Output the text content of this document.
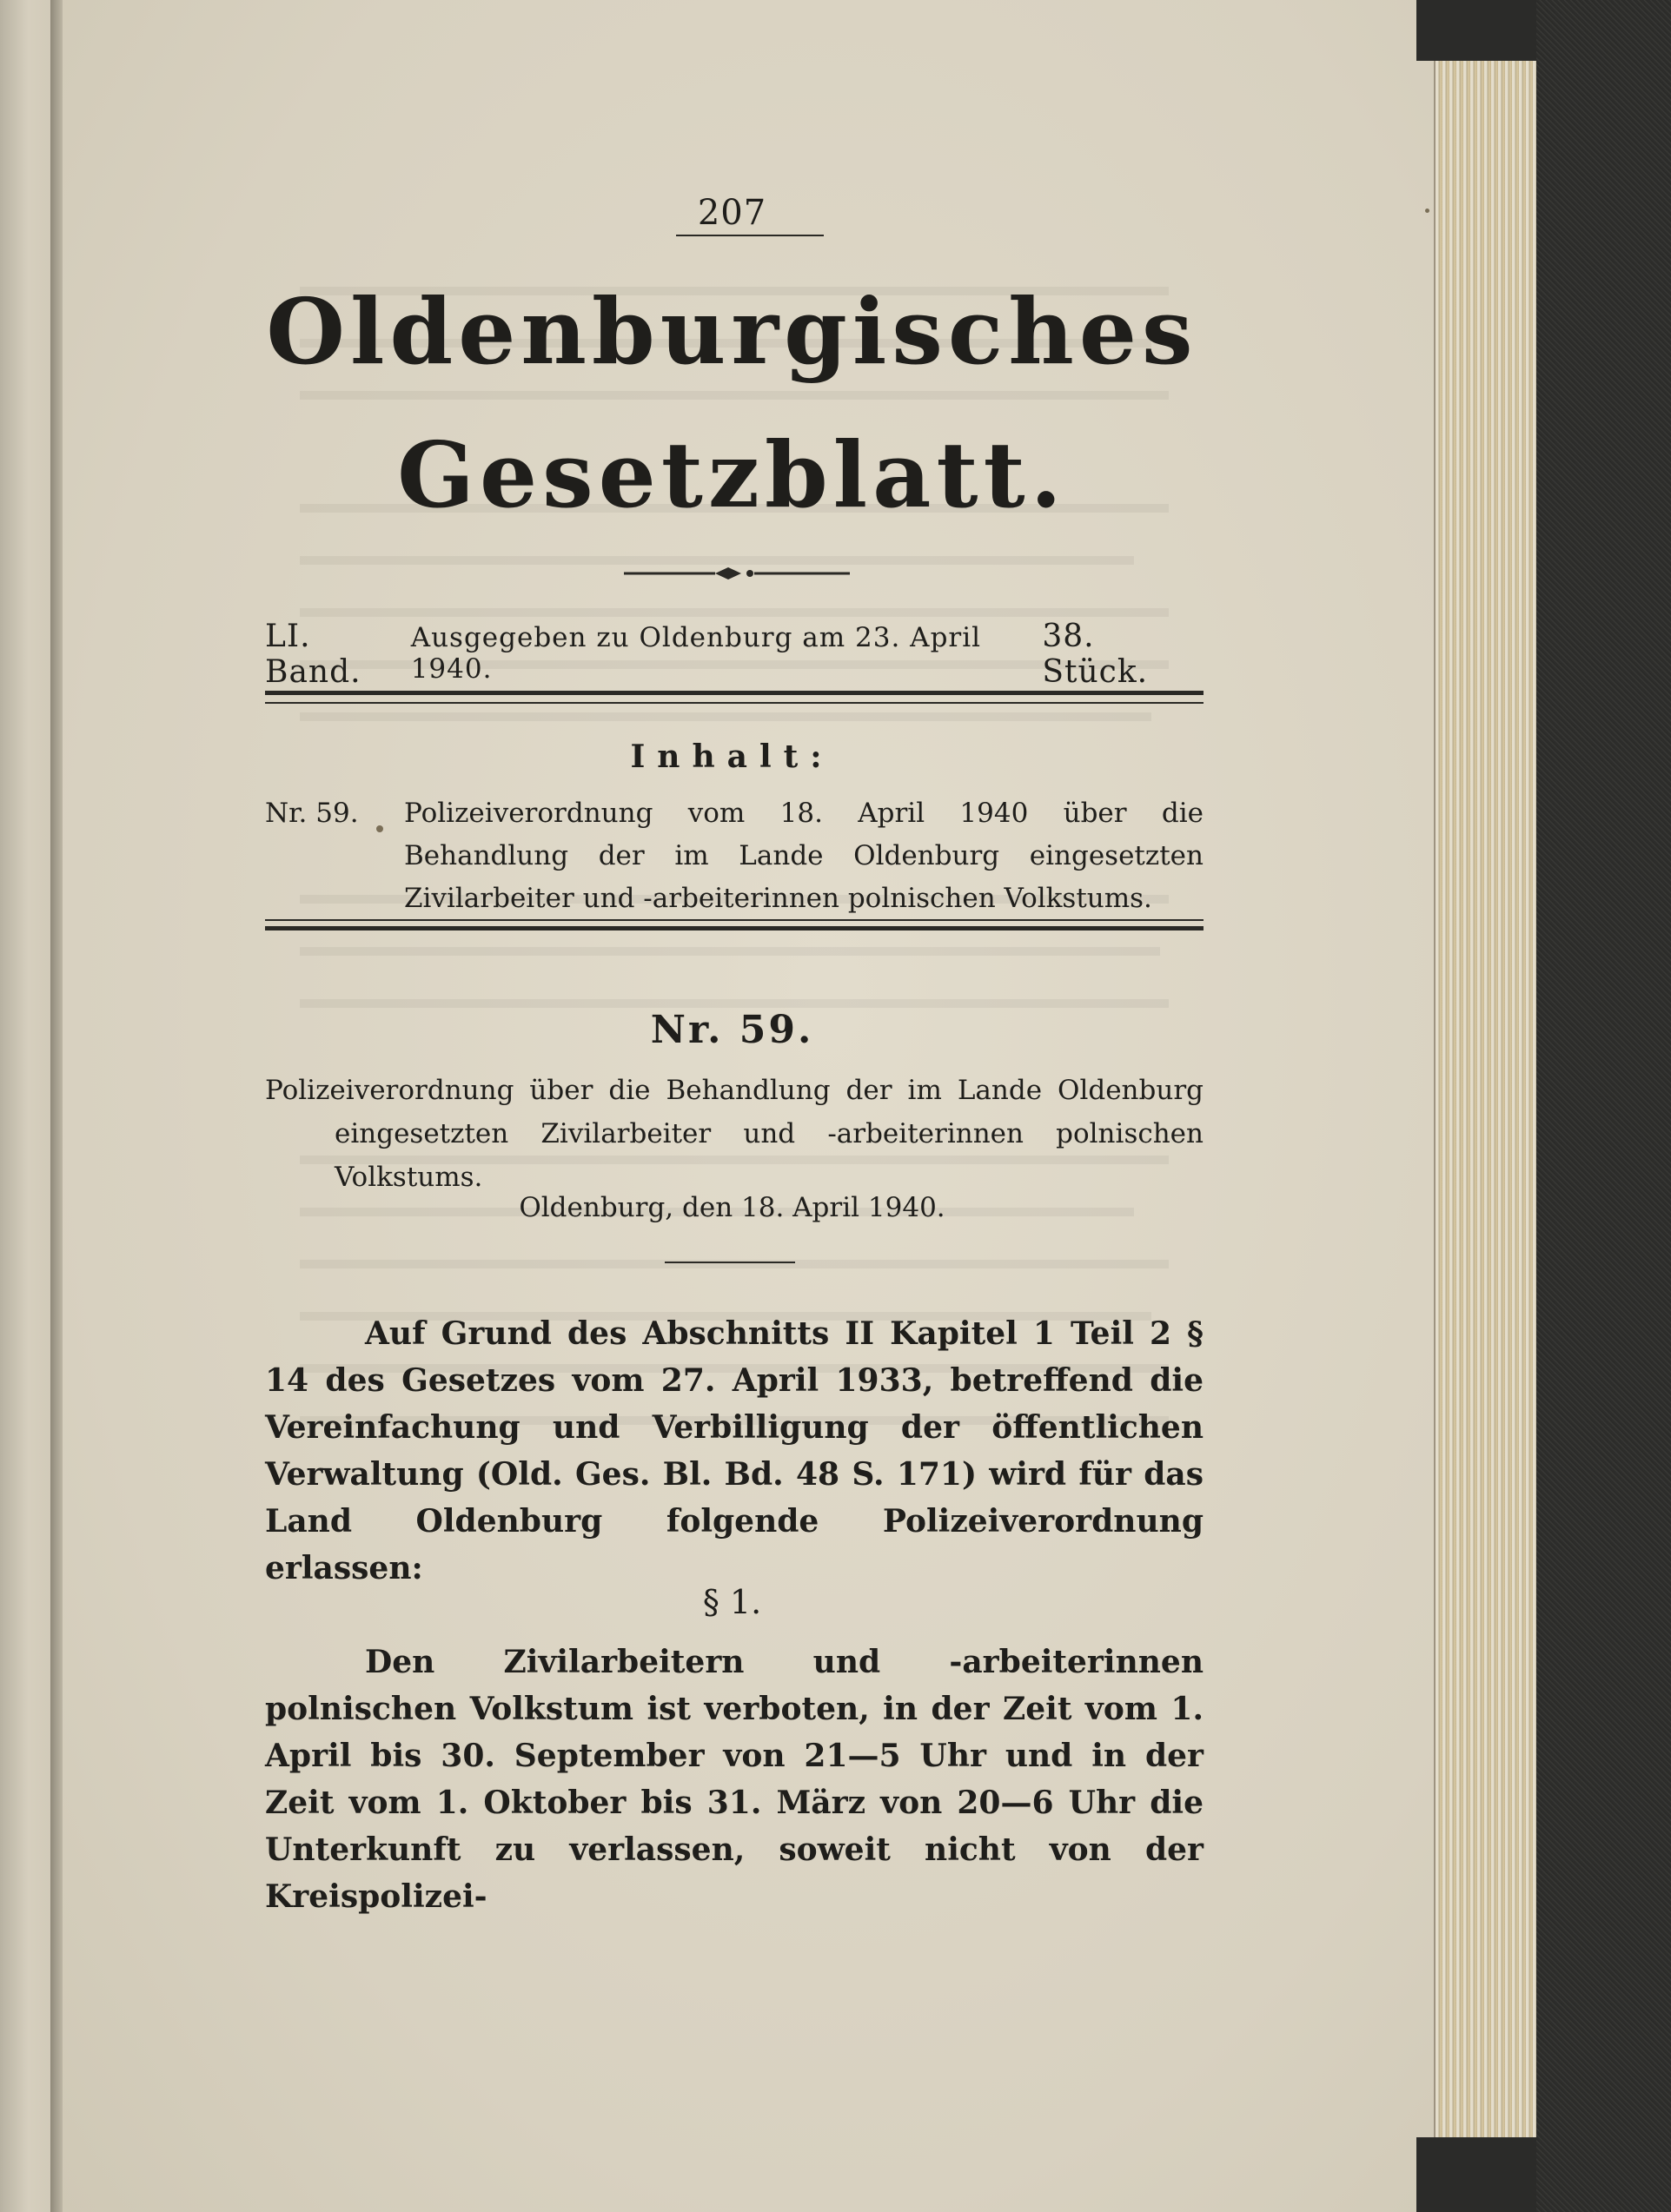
207
Oldenburgisches
Gesetzblatt.
LI. Band.
Ausgegeben zu Oldenburg am 23. April 1940.
38. Stück.
Inhalt:
Nr. 59. Polizeiverordnung vom 18. April 1940 über die Behandlung der im Lande Oldenburg eingesetzten Zivilarbeiter und -arbeiterinnen polnischen Volkstums.
Nr. 59.
Polizeiverordnung über die Behandlung der im Lande Oldenburg eingesetzten Zivilarbeiter und -arbeiterinnen polnischen Volkstums.
Oldenburg, den 18. April 1940.
Auf Grund des Abschnitts II Kapitel 1 Teil 2 § 14 des Gesetzes vom 27. April 1933, betreffend die Vereinfachung und Verbilligung der öffentlichen Verwaltung (Old. Ges. Bl. Bd. 48 S. 171) wird für das Land Oldenburg folgende Polizeiverordnung erlassen:
§ 1.
Den Zivilarbeitern und -arbeiterinnen polnischen Volkstum ist verboten, in der Zeit vom 1. April bis 30. September von 21—5 Uhr und in der Zeit vom 1. Oktober bis 31. März von 20—6 Uhr die Unterkunft zu verlassen, soweit nicht von der Kreispolizei-
